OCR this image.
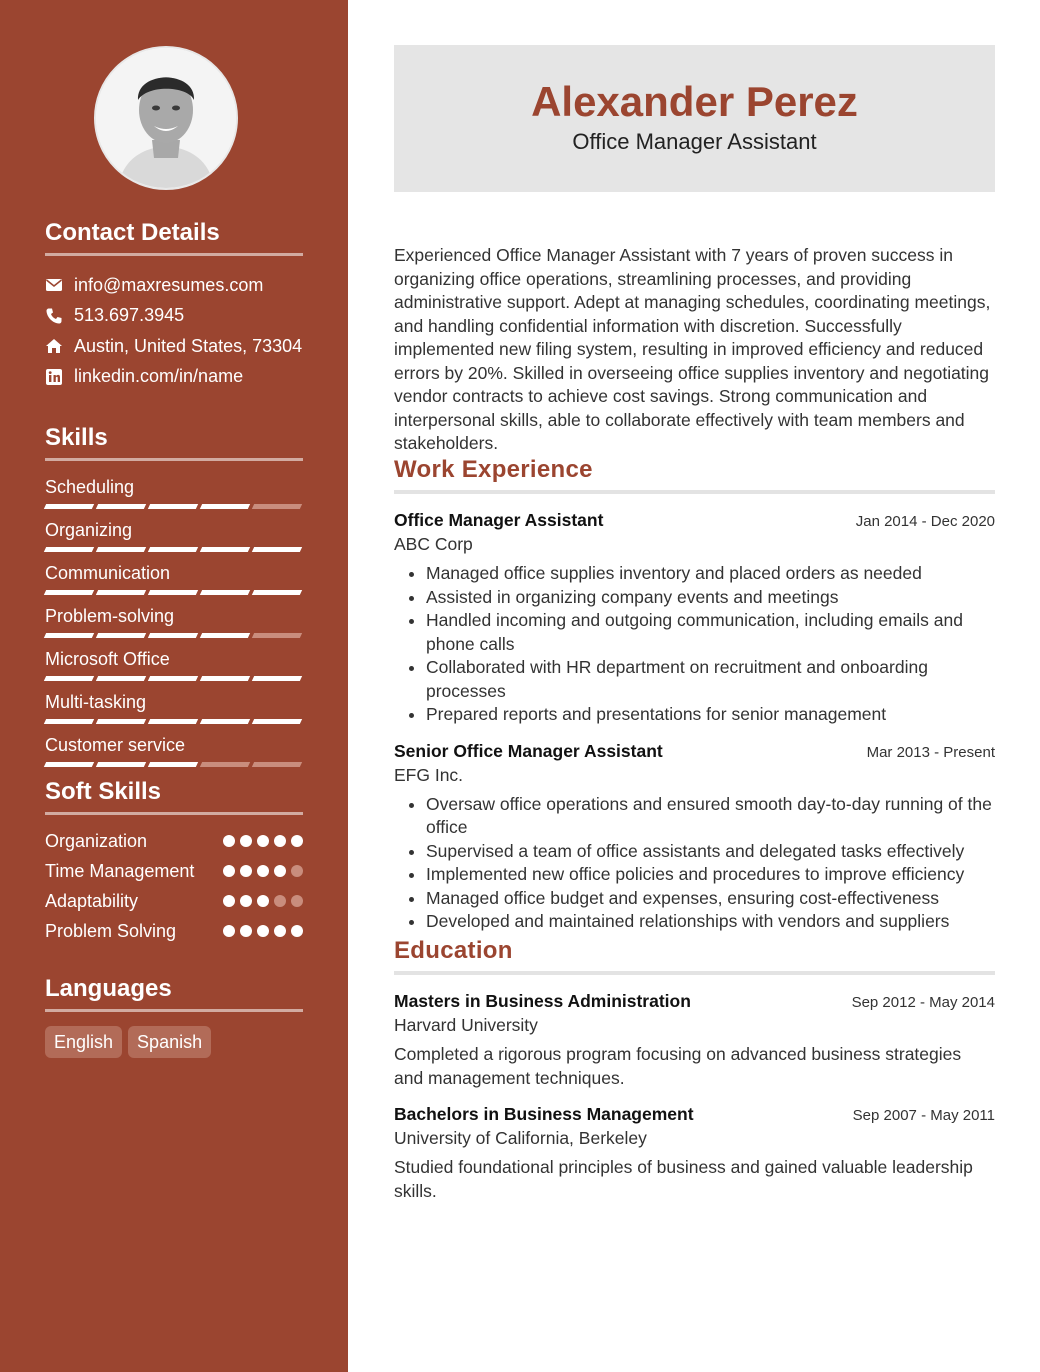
Contact Details
info@maxresumes.com
513.697.3945
Austin, United States, 73304
linkedin.com/in/name
Skills
Scheduling
Organizing
Communication
Problem-solving
Microsoft Office
Multi-tasking
Customer service
Soft Skills
Organization
Time Management
Adaptability
Problem Solving
Languages
English	Spanish
Alexander Perez
Office Manager Assistant

Experienced Office Manager Assistant with 7 years of proven success in organizing office operations, streamlining processes, and providing administrative support. Adept at managing schedules, coordinating meetings, and handling confidential information with discretion. Successfully implemented new filing system, resulting in improved efficiency and reduced errors by 20%. Skilled in overseeing office supplies inventory and negotiating vendor contracts to achieve cost savings. Strong communication and interpersonal skills, able to collaborate effectively with team members and stakeholders.

Work Experience
Office Manager Assistant	Jan 2014 - Dec 2020
ABC Corp
• Managed office supplies inventory and placed orders as needed
• Assisted in organizing company events and meetings
• Handled incoming and outgoing communication, including emails and phone calls
• Collaborated with HR department on recruitment and onboarding processes
• Prepared reports and presentations for senior management
Senior Office Manager Assistant	Mar 2013 - Present
EFG Inc.
• Oversaw office operations and ensured smooth day-to-day running of the office
• Supervised a team of office assistants and delegated tasks effectively
• Implemented new office policies and procedures to improve efficiency
• Managed office budget and expenses, ensuring cost-effectiveness
• Developed and maintained relationships with vendors and suppliers
Education
Masters in Business Administration	Sep 2012 - May 2014
Harvard University

Completed a rigorous program focusing on advanced business strategies and management techniques.

Bachelors in Business Management	Sep 2007 - May 2011
University of California, Berkeley

Studied foundational principles of business and gained valuable leadership skills.
